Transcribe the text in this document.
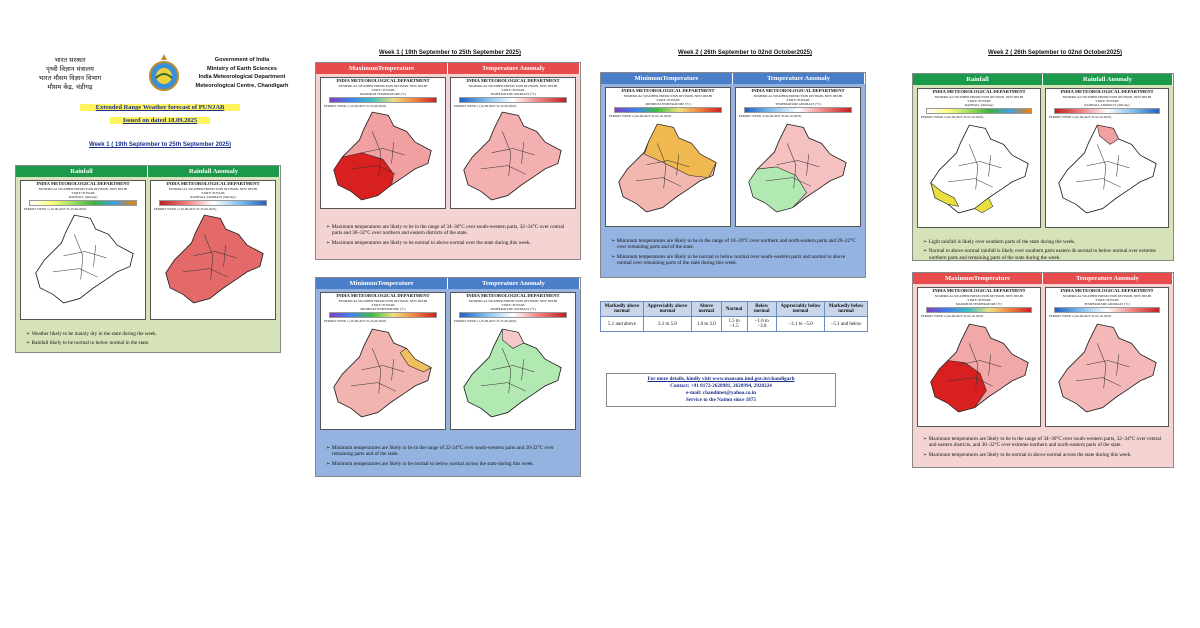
भारत सरकार
पृथ्वी विज्ञान मंत्रालय
भारत मौसम विज्ञान विभाग
मौसम केंद्र, चंडीगढ़
Government of India
Ministry of Earth Sciences
India Meteorological Department
Meteorological Centre, Chandigarh
Extended Range Weather forecast of PUNJAB
Issued on dated 18.09.2025
Week 1 ( 19th September to 25th September 2025)
Rainfall	Rainfall Anomaly
INDIA METEOROLOGICAL DEPARTMENT
NUMERICAL WEATHER PREDICTION DIVISION, NEW DELHI
STATE: PUNJAB
RAINFALL (mm/day)
PERIOD: WEEK 1 (19-09-2025 To 25-09-2025)
INDIA METEOROLOGICAL DEPARTMENT
NUMERICAL WEATHER PREDICTION DIVISION, NEW DELHI
STATE: PUNJAB
RAINFALL ANOMALY (mm/day)
PERIOD: WEEK 1 (19-09-2025 To 25-09-2025)
➢ Weather likely to be mainly dry in the state during the week.
➢ Rainfall likely to be normal to below normal in the state.
Week 1 ( 19th September to 25th September 2025)
MaximumTemperature	Temperature Anomaly
INDIA METEOROLOGICAL DEPARTMENT
NUMERICAL WEATHER PREDICTION DIVISION, NEW DELHI
STATE: PUNJAB
MAXIMUM TEMPERATURE (°C)
PERIOD: WEEK 1 (19-09-2025 To 25-09-2025)
INDIA METEOROLOGICAL DEPARTMENT
NUMERICAL WEATHER PREDICTION DIVISION, NEW DELHI
STATE: PUNJAB
TEMPERATURE ANOMALY (°C)
PERIOD: WEEK 1 (19-09-2025 To 25-09-2025)
➢ Maximum temperatures are likely to be in the range of 34–36°C over south-western parts, 32–34°C over central parts and 30–32°C over northern and eastern districts of the state.
➢ Maximum temperatures are likely to be normal to above normal over the state during this week.
MinimumTemperature	Temperature Anomaly
INDIA METEOROLOGICAL DEPARTMENT
NUMERICAL WEATHER PREDICTION DIVISION, NEW DELHI
STATE: PUNJAB
MINIMUM TEMPERATURE (°C)
PERIOD: WEEK 1 (19-09-2025 To 25-09-2025)
INDIA METEOROLOGICAL DEPARTMENT
NUMERICAL WEATHER PREDICTION DIVISION, NEW DELHI
STATE: PUNJAB
TEMPERATURE ANOMALY (°C)
PERIOD: WEEK 1 (19-09-2025 To 25-09-2025)
➢ Minimum temperatures are likely to be in the range of 22-24°C over south-western parts and 20-22°C over remaining parts and of the state.
➢ Minimum temperatures are likely to be normal to below normal across the state during this week.
Week 2 ( 26th September to 02nd October2025)
MinimumTemperature	Temperature Anomaly
INDIA METEOROLOGICAL DEPARTMENT
NUMERICAL WEATHER PREDICTION DIVISION, NEW DELHI
STATE: PUNJAB
MINIMUM TEMPERATURE (°C)
PERIOD: WEEK 2 (26-09-2025 To 02-10-2025)
INDIA METEOROLOGICAL DEPARTMENT
NUMERICAL WEATHER PREDICTION DIVISION, NEW DELHI
STATE: PUNJAB
TEMPERATURE ANOMALY (°C)
PERIOD: WEEK 2 (26-09-2025 To 02-10-2025)
➢ Minimum temperatures are likely to be in the range of 18–20°C over northern and north-eastern parts and 20–22°C over remaining parts and of the state.
➢ Minimum temperatures are likely to be normal to below normal over south-western parts and normal to above normal over remaining parts of the state during this week.
Markedly above normal	Appreciably above normal	Above normal	Normal	Below normal	Appreciably below normal	Markedly below normal
5.1 and above	3.1 to 5.0	1.6 to 3.0	1.5 to −1.5	−1.6 to −3.0	−3.1 to −5.0	−5.1 and below
For more details, kindly visit www.mausam.imd.gov.in/chandigarh
Contact: +91 0172-2628981, 2628994, 2920224
e-mail: chandimet@yahoo.co.in
Service to the Nation since 1875
Week 2 ( 26th September to 02nd October2025)
Rainfall	Rainfall Anomaly
INDIA METEOROLOGICAL DEPARTMENT
NUMERICAL WEATHER PREDICTION DIVISION, NEW DELHI
STATE: PUNJAB
RAINFALL (mm/day)
PERIOD: WEEK 2 (26-09-2025 To 02-10-2025)
INDIA METEOROLOGICAL DEPARTMENT
NUMERICAL WEATHER PREDICTION DIVISION, NEW DELHI
STATE: PUNJAB
RAINFALL ANOMALY (mm/day)
PERIOD: WEEK 2 (26-09-2025 To 02-10-2025)
➢ Light rainfall is likely over southern parts of the state during the week.
➢ Normal to above normal rainfall is likely over southern parts eastern & normal to below normal over extreme northern parts and remaining parts of the state during the week.
MaximumTemperature	Temperature Anomaly
INDIA METEOROLOGICAL DEPARTMENT
NUMERICAL WEATHER PREDICTION DIVISION, NEW DELHI
STATE: PUNJAB
MAXIMUM TEMPERATURE (°C)
PERIOD: WEEK 2 (26-09-2025 To 02-10-2025)
INDIA METEOROLOGICAL DEPARTMENT
NUMERICAL WEATHER PREDICTION DIVISION, NEW DELHI
STATE: PUNJAB
TEMPERATURE ANOMALY (°C)
PERIOD: WEEK 2 (26-09-2025 To 02-10-2025)
➢ Maximum temperatures are likely to be in the range of 34–36°C over south-western parts, 32–34°C over central and eastern districts, and 30–32°C over extreme northern and north-eastern parts of the state.
➢ Maximum temperatures are likely to be normal to above normal across the state during this week.
